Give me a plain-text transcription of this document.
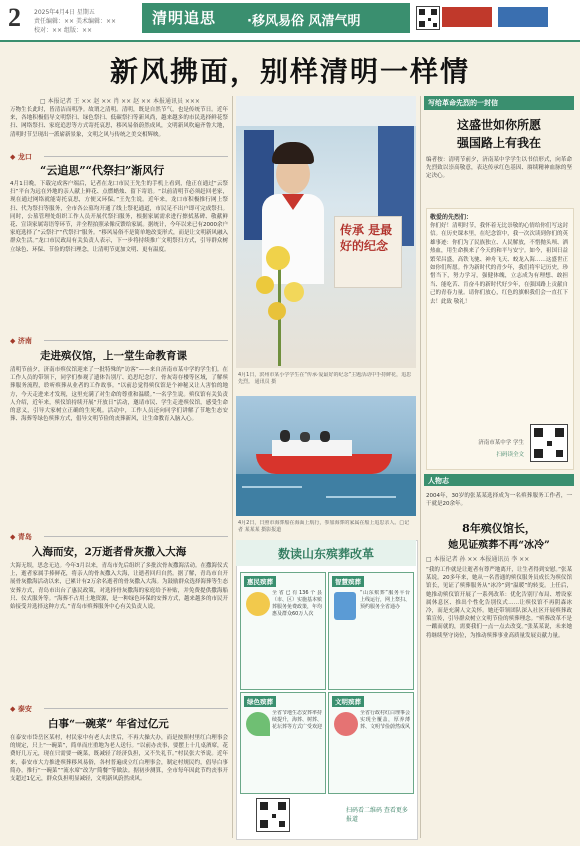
2 2025年4月4日 星期五
责任编辑：×× 美术编辑：××
校对：×× 组版：××
清明追思 ·移风易俗 风清气明
新风拂面，别样清明一样情
□ 本报记者 王 ×× 赵 ×× 肖 ×× 赵 ×× 本报通讯员 ×××
万物生长此时，皆清洁而明净。故谓之清明。清明，既是自然节气，也是传统节日。近年来，各地积极倡导文明祭扫、绿色祭扫、低碳祭扫等新风尚，越来越多的市民选择鲜花祭扫、网络祭扫、家庭追思等方式寄托哀思，移风易俗蔚然成风，文明新风吹遍齐鲁大地，清明时节呈现出一派崭新景象，文明之风与传统之美交相辉映。
◆ 龙口
“云追思”“代祭扫”渐风行
4月1日晚，下载完成客户端后，记者在龙口市民王先生的手机上看到，他正在通过“云祭扫”平台为远在外地的亲人献上鲜花、点燃蜡烛、留下寄语。“以前清明节必须赶回老家，现在通过网络就能寄托哀思，方便又环保。”王先生说。近年来，龙口市积极推行网上祭扫、代为祭扫等服务，全市各公墓均开通了线上祭祀通道，市民足不出户即可完成祭扫。同时，公墓管理处组织工作人员开展代祭扫服务，根据家属需求进行擦拭墓碑、敬献鲜花、宣读家属寄语等环节，并全程拍照录像反馈给家属。据统计，今年以来已有2000余户家庭选择了“云祭扫”“代祭扫”服务。“移风易俗不是简单地改变形式，而是让文明新风融入群众生活。”龙口市民政局有关负责人表示，下一步将持续推广文明祭扫方式，引导群众树立绿色、环保、节俭的祭扫理念，让清明节更加文明、更有温度。
◆ 济南
走进殡仪馆，上一堂生命教育课
清明节前夕，济南市殡仪馆迎来了一批特殊的“访客”——来自济南市某中学的学生们。在工作人员的带领下，同学们参观了遗体告别厅、追思纪念厅、骨灰寄存楼等区域，了解殡葬服务流程，聆听殡葬从业者的工作故事。“以前总觉得殡仪馆是个神秘又让人害怕的地方，今天走进来才发现，这里充满了对生命的尊重和温暖。”一名学生说。殡仪馆有关负责人介绍，近年来，殡仪馆持续开展“开放日”活动，邀请市民、学生走进殡仪馆，感受生命的意义，引导大家树立正确的生死观。活动中，工作人员还向同学们讲解了节地生态安葬、海葬等绿色殡葬方式，倡导文明节俭的丧葬新风，让生命教育入脑入心。
◆ 青岛
入海而安，2万逝者骨灰撒入大海
大海无垠，思念无边。今年3月以来，青岛市先后组织了多批次骨灰撒海活动。在撒海仪式上，逝者家属手捧鲜花，将亲人的骨灰撒入大海，让逝者回归自然。据了解，青岛市自开展骨灰撒海活动以来，已累计有2万余名逝者的骨灰撒入大海。为鼓励群众选择海葬等生态安葬方式，青岛市出台了惠民政策，对选择骨灰撒海的家庭给予补贴，并免费提供撒海船只、仪式服务等。“海葬不占用土地资源，是一种绿色环保的安葬方式，越来越多的市民开始接受并选择这种方式。”青岛市殡葬服务中心有关负责人说。
◆ 泰安
白事“一碗菜” 年省过亿元
在泰安市岱岳区某村，村民家中有老人去世后，不再大操大办，而是按照村里红白理事会的规定，只上“一碗菜”，简单而庄重地为老人送行。“以前办丧事，要摆上十几桌酒席，花费好几万元，现在只需要一碗菜，既减轻了经济负担，又不失礼节。”村民张大爷说。近年来，泰安市大力推进殡葬移风易俗，各村普遍成立红白理事会，制定村规民约，倡导白事简办，推行“一碗菜”“流水席”改为“简餐”等做法。据初步测算，全市每年因此节约丧事开支超过1亿元，群众负担明显减轻，文明新风蔚然成风。
传承 是最好的纪念
4月1日，滨州市某小学学生在“传承·爱最好的纪念”主题活动中手持鲜花，追思先烈。 通讯员 摄
4月2日，日照市海葬船在海面上航行，参加海葬的家属在船上追思亲人。□记者 某某某 摄影报道
数读山东殡葬改革
惠民殡葬
全省已有136个县（市、区）实施基本殡葬服务免费政策，年均惠及群众60万人次
智慧殡葬
“山东殡葬”服务平台上线运行，网上祭扫、预约服务全省通办
绿色殡葬
全省节地生态安葬率持续提升，海葬、树葬、花坛葬等方式广受欢迎
文明殡葬
全省行政村红白理事会实现全覆盖，厚养薄葬、文明节俭蔚然成风
扫码看二维码 查看更多报道
写给革命先烈的一封信
这盛世如你所愿
强国路上有我在
编者按：清明节前夕，济南某中学学生以书信形式，向革命先烈致以崇高敬意，表达传承红色基因、赓续精神血脉的坚定决心。
敬爱的先烈们：
你们好！清明时节，我怀着无比崇敬的心情给你们写这封信。在历史课本里，在纪念馆中，我一次次读到你们的英雄事迹：你们为了民族独立、人民解放，不惜抛头颅、洒热血，用生命换来了今天的和平与安宁。如今，祖国日益繁荣昌盛，高铁飞驰、神舟飞天、蛟龙入海……这盛世正如你们所愿。作为新时代的青少年，我们将牢记历史，珍惜当下，努力学习，强健体魄，立志成为有理想、敢担当、能吃苦、肯奋斗的新时代好少年，在强国路上贡献自己的青春力量。请你们放心，红色的旗帜我们会一直扛下去！此致 敬礼！
济南市某中学 学生
扫码读全文
人物志
2004年，30岁的张某某选择成为一名殡葬服务工作者，一干就是20余年。
8年殡仪馆长，
她见证殡葬不再“冰冷”
□ 本报记者 孙 ×× 本报通讯员 李 ××
“我的工作就是让逝者有尊严地离开，让生者得到安慰。”张某某说。20多年来，她从一名普通的殡仪服务员成长为殡仪馆馆长，见证了殡葬服务从“冰冷”到“温暖”的转变。上任后，她推动殡仪馆开展了一系列改革：优化告别厅布局、增设家属休息区、推出个性化告别仪式……让殡仪馆不再阴森冰冷，而是充满人文关怀。她还带领团队深入社区开展殡葬政策宣传，引导群众树立文明节俭的殡葬理念。“殡葬改革不是一蹴而就的，需要我们一点一点去改变。”张某某说，未来她将继续坚守岗位，为推动殡葬事业高质量发展贡献力量。
